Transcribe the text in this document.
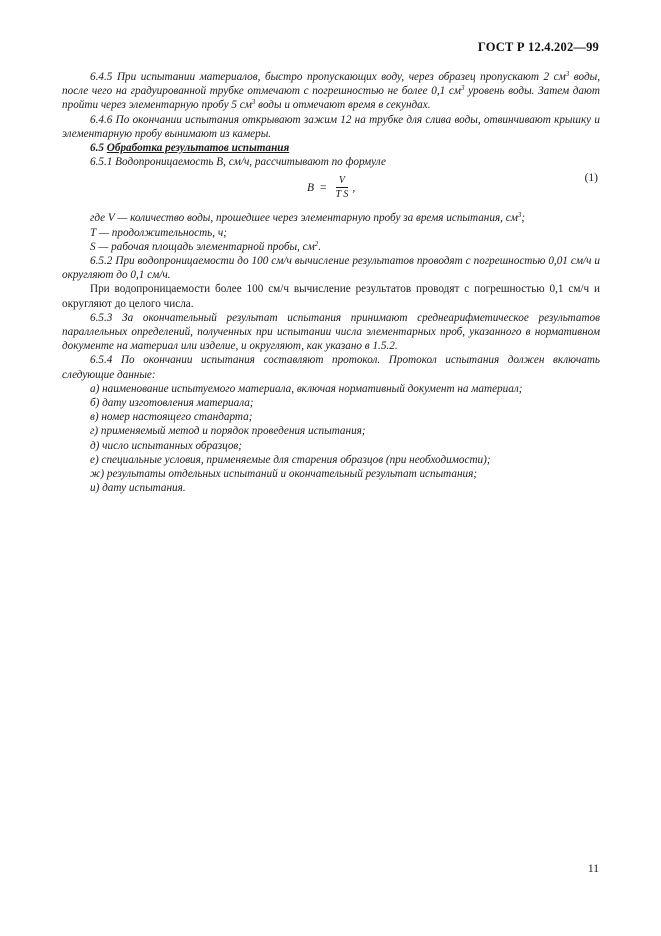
ГОСТ Р 12.4.202—99

6.4.5 При испытании материалов, быстро пропускающих воду, через образец пропускают 2 $см^3$ воды, после чего на градуированной трубке отмечают с погрешностью не более 0,1 $см^3$ уровень воды. Затем дают пройти через элементарную пробу 5 $см^3$ воды и отмечают время в секундах.

6.4.6 По окончании испытания открывают зажим 12 на трубке для слива воды, отвинчивают крышку и элементарную пробу вынимают из камеры.

6.5 Обработка результатов испытания

6.5.1 Водопроницаемость В, см/ч, рассчитывают по формуле

$B = \frac{V}{\text{T S}}$ ,
(1)

где V — количество воды, прошедшее через элементарную пробу за время испытания, $см^3$;

Т — продолжительность, ч;

S — рабочая площадь элементарной пробы, $см^2$.

6.5.2 При водопроницаемости до 100 см/ч вычисление результатов проводят с погрешностью 0,01 см/ч и округляют до 0,1 см/ч.

При водопроницаемости более 100 см/ч вычисление результатов проводят с погрешностью 0,1 см/ч и округляют до целого числа.

6.5.3 За окончательный результат испытания принимают среднеарифметическое результатов параллельных определений, полученных при испытании числа элементарных проб, указанного в нормативном документе на материал или изделие, и округляют, как указано в 1.5.2.

6.5.4 По окончании испытания составляют протокол. Протокол испытания должен включать следующие данные:

а) наименование испытуемого материала, включая нормативный документ на материал;
б) дату изготовления материала;
в) номер настоящего стандарта;
г) применяемый метод и порядок проведения испытания;
д) число испытанных образцов;
е) специальные условия, применяемые для старения образцов (при необходимости);
ж) результаты отдельных испытаний и окончательный результат испытания;
и) дату испытания.
11
